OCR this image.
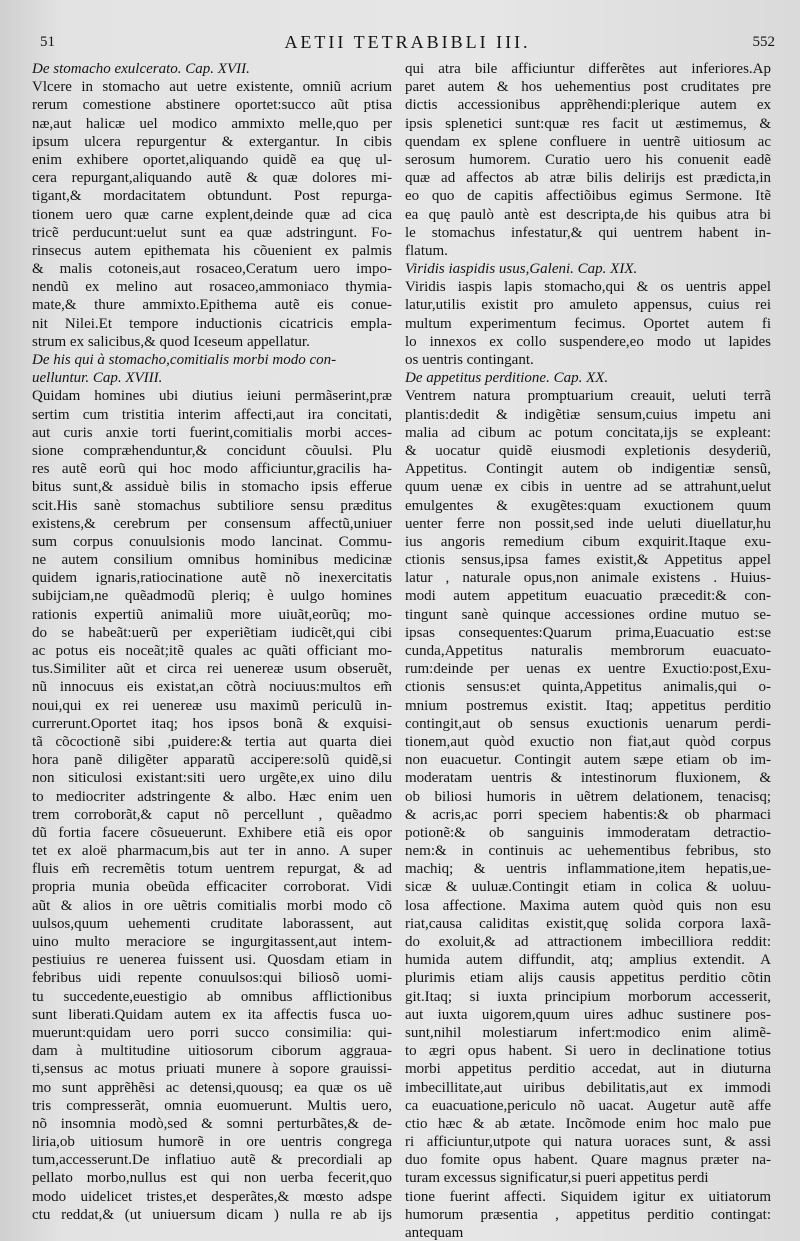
51	AETII TETRABIBLI III.	552
De stomacho exulcerato. Cap. XVII.
Vlcere in stomacho aut uetre existente, omniũ acrium
rerum comestione abstinere oportet:succo aũt ptisa
næ,aut halicæ uel modico ammixto melle,quo per
ipsum ulcera repurgentur & extergantur. In cibis
enim exhibere oportet,aliquando quidẽ ea quę ul-
cera repurgant,aliquando autẽ & quæ dolores mi-
tigant,& mordacitatem obtundunt. Post repurga-
tionem uero quæ carne explent,deinde quæ ad cica
tricẽ perducunt:uelut sunt ea quæ adstringunt. Fo-
rinsecus autem epithemata his cõuenient ex palmis
& malis cotoneis,aut rosaceo,Ceratum uero impo-
nendũ ex melino aut rosaceo,ammoniaco thymia-
mate,& thure ammixto.Epithema autẽ eis conue-
nit Nilei.Et tempore inductionis cicatricis empla-
strum ex salicibus,& quod Iceseum appellatur.
De his qui à stomacho,comitialis morbi modo con-
uelluntur. Cap. XVIII.
Quidam homines ubi diutius ieiuni permãserint,præ
sertim cum tristitia interim affecti,aut ira concitati,
aut curis anxie torti fuerint,comitialis morbi acces-
sione compræhenduntur,& concidunt cõuulsi. Plu
res autẽ eorũ qui hoc modo afficiuntur,gracilis ha-
bitus sunt,& assiduè bilis in stomacho ipsis efferue
scit.His sanè stomachus subtiliore sensu præditus
existens,& cerebrum per consensum affectũ,uniuer
sum corpus conuulsionis modo lancinat. Commu-
ne autem consilium omnibus hominibus medicinæ
quidem ignaris,ratiocinatione autẽ nõ inexercitatis
subijciam,ne quẽadmodũ pleriq; è uulgo homines
rationis expertiũ animaliũ more uiuãt,eorũq; mo-
do se habeãt:uerũ per experiẽtiam iudicẽt,qui cibi
ac potus eis noceãt;itẽ quales ac quãti officiant mo-
tus.Similiter aũt et circa rei uenereæ usum obseruẽt,
nũ innocuus eis existat,an cõtrà nociuus:multos em̃
noui,qui ex rei uenereæ usu maximũ periculũ in-
currerunt.Oportet itaq; hos ipsos bonã & exquisi-
tã cõcoctionẽ sibi ,puidere:& tertia aut quarta diei
hora panẽ diligẽter apparatũ accipere:solũ quidẽ,si
non siticulosi existant:siti uero urgẽte,ex uino dilu
to mediocriter adstringente & albo. Hæc enim uen
trem corroborãt,& caput nõ percellunt , quẽadmo
dũ fortia facere cõsueuerunt. Exhibere etiã eis opor
tet ex aloë pharmacum,bis aut ter in anno. A super
fluis em̃ recremẽtis totum uentrem repurgat, & ad
propria munia obeũda efficaciter corroborat. Vidi
aũt & alios in ore uẽtris comitialis morbi modo cõ
uulsos,quum uehementi cruditate laborassent, aut
uino multo meraciore se ingurgitassent,aut intem-
pestiuius re uenerea fuissent usi. Quosdam etiam in
febribus uidi repente conuulsos:qui biliosõ uomi-
tu succedente,euestigio ab omnibus afflictionibus
sunt liberati.Quidam autem ex ita affectis fusca uo-
muerunt:quidam uero porri succo consimilia: qui-
dam à multitudine uitiosorum ciborum aggraua-
ti,sensus ac motus priuati munere à sopore grauissi-
mo sunt apprẽhẽsi ac detensi,quousq; ea quæ os uẽ
tris compresserãt, omnia euomuerunt. Multis uero,
nõ insomnia modò,sed & somni perturbãtes,& de-
liria,ob uitiosum humorẽ in ore uentris congrega
tum,accesserunt.De inflatiuo autẽ & precordiali ap
pellato morbo,nullus est qui non uerba fecerit,quo
modo uidelicet tristes,et desperãtes,& mœsto adspe
ctu reddat,& (ut uniuersum dicam ) nulla re ab ijs
qui atra bile afficiuntur differẽtes aut inferiores.Ap
paret autem & hos uehementius post cruditates pre
dictis accessionibus apprẽhendi:plerique autem ex
ipsis splenetici sunt:quæ res facit ut æstimemus, &
quendam ex splene confluere in uentrẽ uitiosum ac
serosum humorem. Curatio uero his conuenit eadẽ
quæ ad affectos ab atræ bilis delirijs est prædicta,in
eo quo de capitis affectiõibus egimus Sermone. Itẽ
ea quę paulò antè est descripta,de his quibus atra bi
le stomachus infestatur,& qui uentrem habent in-
flatum.
Viridis iaspidis usus,Galeni. Cap. XIX.
Viridis iaspis lapis stomacho,qui & os uentris appel
latur,utilis existit pro amuleto appensus, cuius rei
multum experimentum fecimus. Oportet autem fi
lo innexos ex collo suspendere,eo modo ut lapides
os uentris contingant.
De appetitus perditione. Cap. XX.
Ventrem natura promptuarium creauit, ueluti terrã
plantis:dedit & indigẽtiæ sensum,cuius impetu ani
malia ad cibum ac potum concitata,ijs se expleant:
& uocatur quidẽ eiusmodi expletionis desyderiũ,
Appetitus. Contingit autem ob indigentiæ sensũ,
quum uenæ ex cibis in uentre ad se attrahunt,uelut
emulgentes & exugẽtes:quam exuctionem quum
uenter ferre non possit,sed inde ueluti diuellatur,hu
ius angoris remedium cibum exquirit.Itaque exu-
ctionis sensus,ipsa fames existit,& Appetitus appel
latur , naturale opus,non animale existens . Huius-
modi autem appetitum euacuatio præcedit:& con-
tingunt sanè quinque accessiones ordine mutuo se-
ipsas consequentes:Quarum prima,Euacuatio est:se
cunda,Appetitus naturalis membrorum euacuato-
rum:deinde per uenas ex uentre Exuctio:post,Exu-
ctionis sensus:et quinta,Appetitus animalis,qui o-
mnium postremus existit. Itaq; appetitus perditio
contingit,aut ob sensus exuctionis uenarum perdi-
tionem,aut quòd exuctio non fiat,aut quòd corpus
non euacuetur. Contingit autem sæpe etiam ob im-
moderatam uentris & intestinorum fluxionem, &
ob biliosi humoris in uẽtrem delationem, tenacisq;
& acris,ac porri speciem habentis:& ob pharmaci
potionẽ:& ob sanguinis immoderatam detractio-
nem:& in continuis ac uehementibus febribus, sto
machiq; & uentris inflammatione,item hepatis,ue-
sicæ & uuluæ.Contingit etiam in colica & uoluu-
losa affectione. Maxima autem quòd quis non esu
riat,causa caliditas existit,quę solida corpora laxã-
do exoluit,& ad attractionem imbecilliora reddit:
humida autem diffundit, atq; amplius extendit. A
plurimis etiam alijs causis appetitus perditio cõtin
git.Itaq; si iuxta principium morborum accesserit,
aut iuxta uigorem,quum uires adhuc sustinere pos-
sunt,nihil molestiarum infert:modico enim alimẽ-
to ægri opus habent. Si uero in declinatione totius
morbi appetitus perditio accedat, aut in diuturna
imbecillitate,aut uiribus debilitatis,aut ex immodi
ca euacuatione,periculo nõ uacat. Augetur autẽ affe
ctio hæc & ab ætate. Incõmode enim hoc malo pue
ri afficiuntur,utpote qui natura uoraces sunt, & assi
duo fomite opus habent. Quare magnus præter na-
turam excessus significatur,si pueri appetitus perdi
tione fuerint affecti. Siquidem igitur ex uitiatorum
humorum præsentia , appetitus perditio contingat:
antequam
